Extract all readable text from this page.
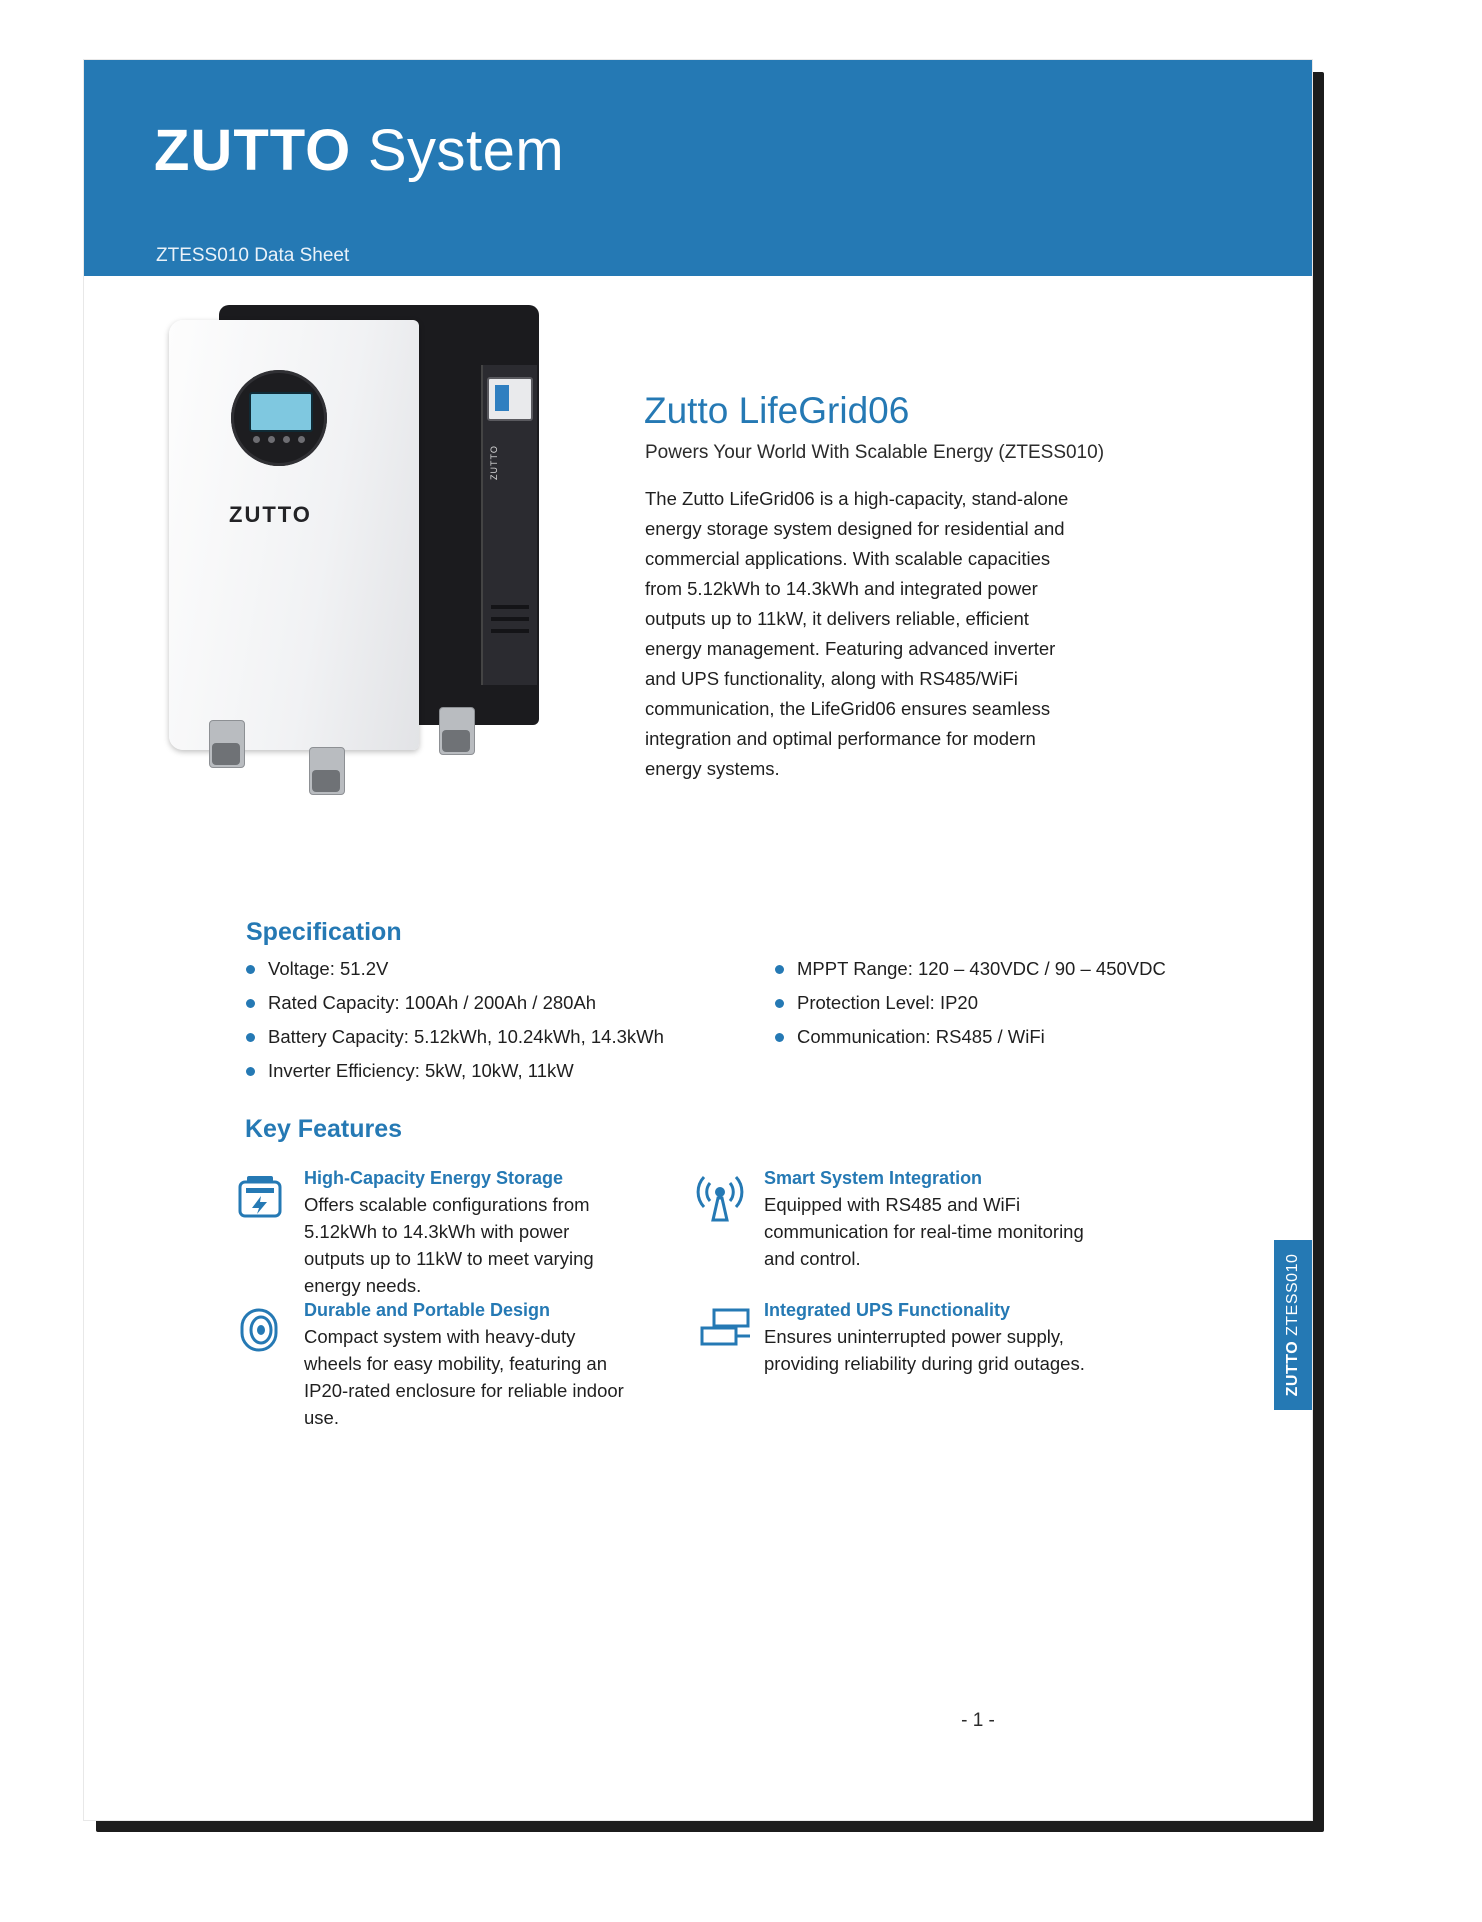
ZUTTO System
ZTESS010 Data Sheet
ZUTTO
ZUTTO
Zutto LifeGrid06
Powers Your World With Scalable Energy (ZTESS010)
The Zutto LifeGrid06 is a high-capacity, stand-alone energy storage system designed for residential and commercial applications. With scalable capacities from 5.12kWh to 14.3kWh and integrated power outputs up to 11kW, it delivers reliable, efficient energy management. Featuring advanced inverter and UPS functionality, along with RS485/WiFi communication, the LifeGrid06 ensures seamless integration and optimal performance for modern energy systems.
Specification
Voltage: 51.2V
Rated Capacity: 100Ah / 200Ah / 280Ah
Battery Capacity: 5.12kWh, 10.24kWh, 14.3kWh
Inverter Efficiency: 5kW, 10kW, 11kW
MPPT Range: 120 – 430VDC / 90 – 450VDC
Protection Level: IP20
Communication: RS485 / WiFi
Key Features
High-Capacity Energy Storage
Offers scalable configurations from 5.12kWh to 14.3kWh with power outputs up to 11kW to meet varying energy needs.
Smart System Integration
Equipped with RS485 and WiFi communication for real-time monitoring and control.
Durable and Portable Design
Compact system with heavy-duty wheels for easy mobility, featuring an IP20-rated enclosure for reliable indoor use.
Integrated UPS Functionality
Ensures uninterrupted power supply, providing reliability during grid outages.	ZUTTO ZTESS010
- 1 -
